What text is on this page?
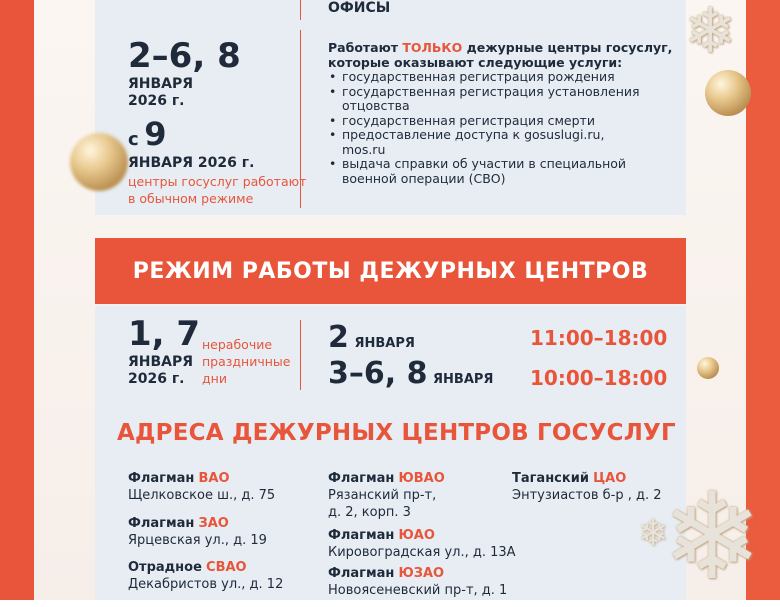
ОФИСЫ
2–6, 8
ЯНВАРЯ
2026 г.
с 9
ЯНВАРЯ 2026 г.
центры госуслуг работают
в обычном режиме
Работают ТОЛЬКО дежурные центры госуслуг,
которые оказывают следующие услуги:
• государственная регистрация рождения
• государственная регистрация установления отцовства
• государственная регистрация смерти
• предоставление доступа к gosuslugi.ru, mos.ru
• выдача справки об участии в специальной военной операции (СВО)
РЕЖИМ РАБОТЫ ДЕЖУРНЫХ ЦЕНТРОВ
1, 7
ЯНВАРЯ
2026 г.
нерабочие
праздничные
дни
2 ЯНВАРЯ	11:00–18:00
3–6, 8 ЯНВАРЯ 10:00–18:00
АДРЕСА ДЕЖУРНЫХ ЦЕНТРОВ ГОСУСЛУГ
Флагман ВАО
Щелковское ш., д. 75
Флагман ЗАО
Ярцевская ул., д. 19
Отрадное СВАО
Декабристов ул., д. 12
Флагман ЮВАО
Рязанский пр-т,
д. 2, корп. 3
Флагман ЮАО
Кировоградская ул., д. 13А
Флагман ЮЗАО
Новоясеневский пр-т, д. 1
Таганский ЦАО
Энтузиастов б-р , д. 2
❄
❄
❄
